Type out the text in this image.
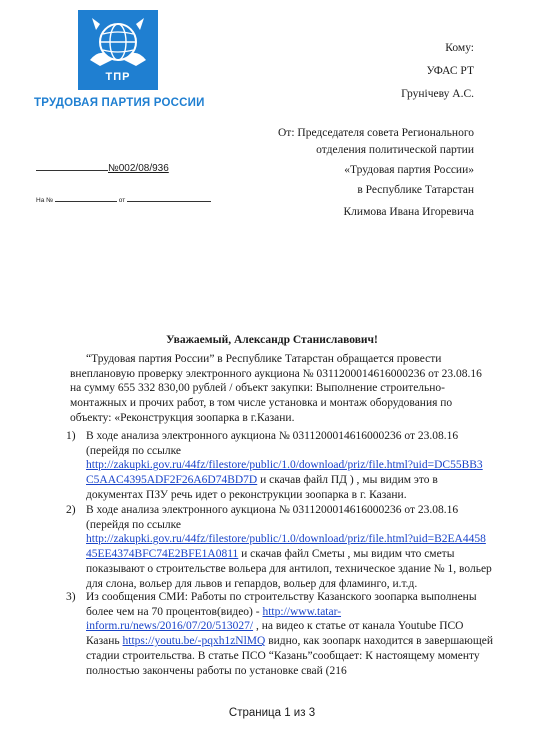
ТПР
ТРУДОВАЯ ПАРТИЯ РОССИИ
Кому:
УФАС РТ
Грунічеву А.С.
От: Председателя совета Регионального
отделения политической партии
«Трудовая партия России»
в Республике Татарстан
Климова Ивана Игоревича
№002/08/936
На №	от
Уважаемый, Александр Станиславович!
“Трудовая партия России” в Республике Татарстан обращается провести внеплановую проверку электронного аукциона № 0311200014616000236 от 23.08.16 на сумму 655 332 830,00 рублей / объект закупки: Выполнение строительно-монтажных и прочих работ, в том числе установка и монтаж оборудования по объекту: «Реконструкция зоопарка в г.Казани.
1) В ходе анализа электронного аукциона № 0311200014616000236 от 23.08.16 (перейдя по ссылке http://zakupki.gov.ru/44fz/filestore/public/1.0/download/priz/file.html?uid=DC55BB3
C5AAC4395ADF2F26A6D74BD7D и скачав файл ПД ) , мы видим это в документах ПЗУ речь идет о реконструкции зоопарка в г. Казани.
2) В ходе анализа электронного аукциона № 0311200014616000236 от 23.08.16 (перейдя по ссылке http://zakupki.gov.ru/44fz/filestore/public/1.0/download/priz/file.html?uid=B2EA4458
45EE4374BFC74E2BFE1A0811 и скачав файл Сметы , мы видим что сметы показывают о строительстве вольера для антилоп, техническое здание № 1, вольер для слона, вольер для львов и гепардов, вольер для фламинго, и.т.д.
3) Из сообщения СМИ: Работы по строительству Казанского зоопарка выполнены более чем на 70 процентов(видео) - http://www.tatar-
inform.ru/news/2016/07/20/513027/ , на видео к статье от канала Youtube ПСО Казань https://youtu.be/-pqxh1zNlMQ видно, как зоопарк находится в завершающей стадии строительства. В статье ПСО “Казань”сообщает: К настоящему моменту полностью закончены работы по установке свай (216
Страница 1 из 3
